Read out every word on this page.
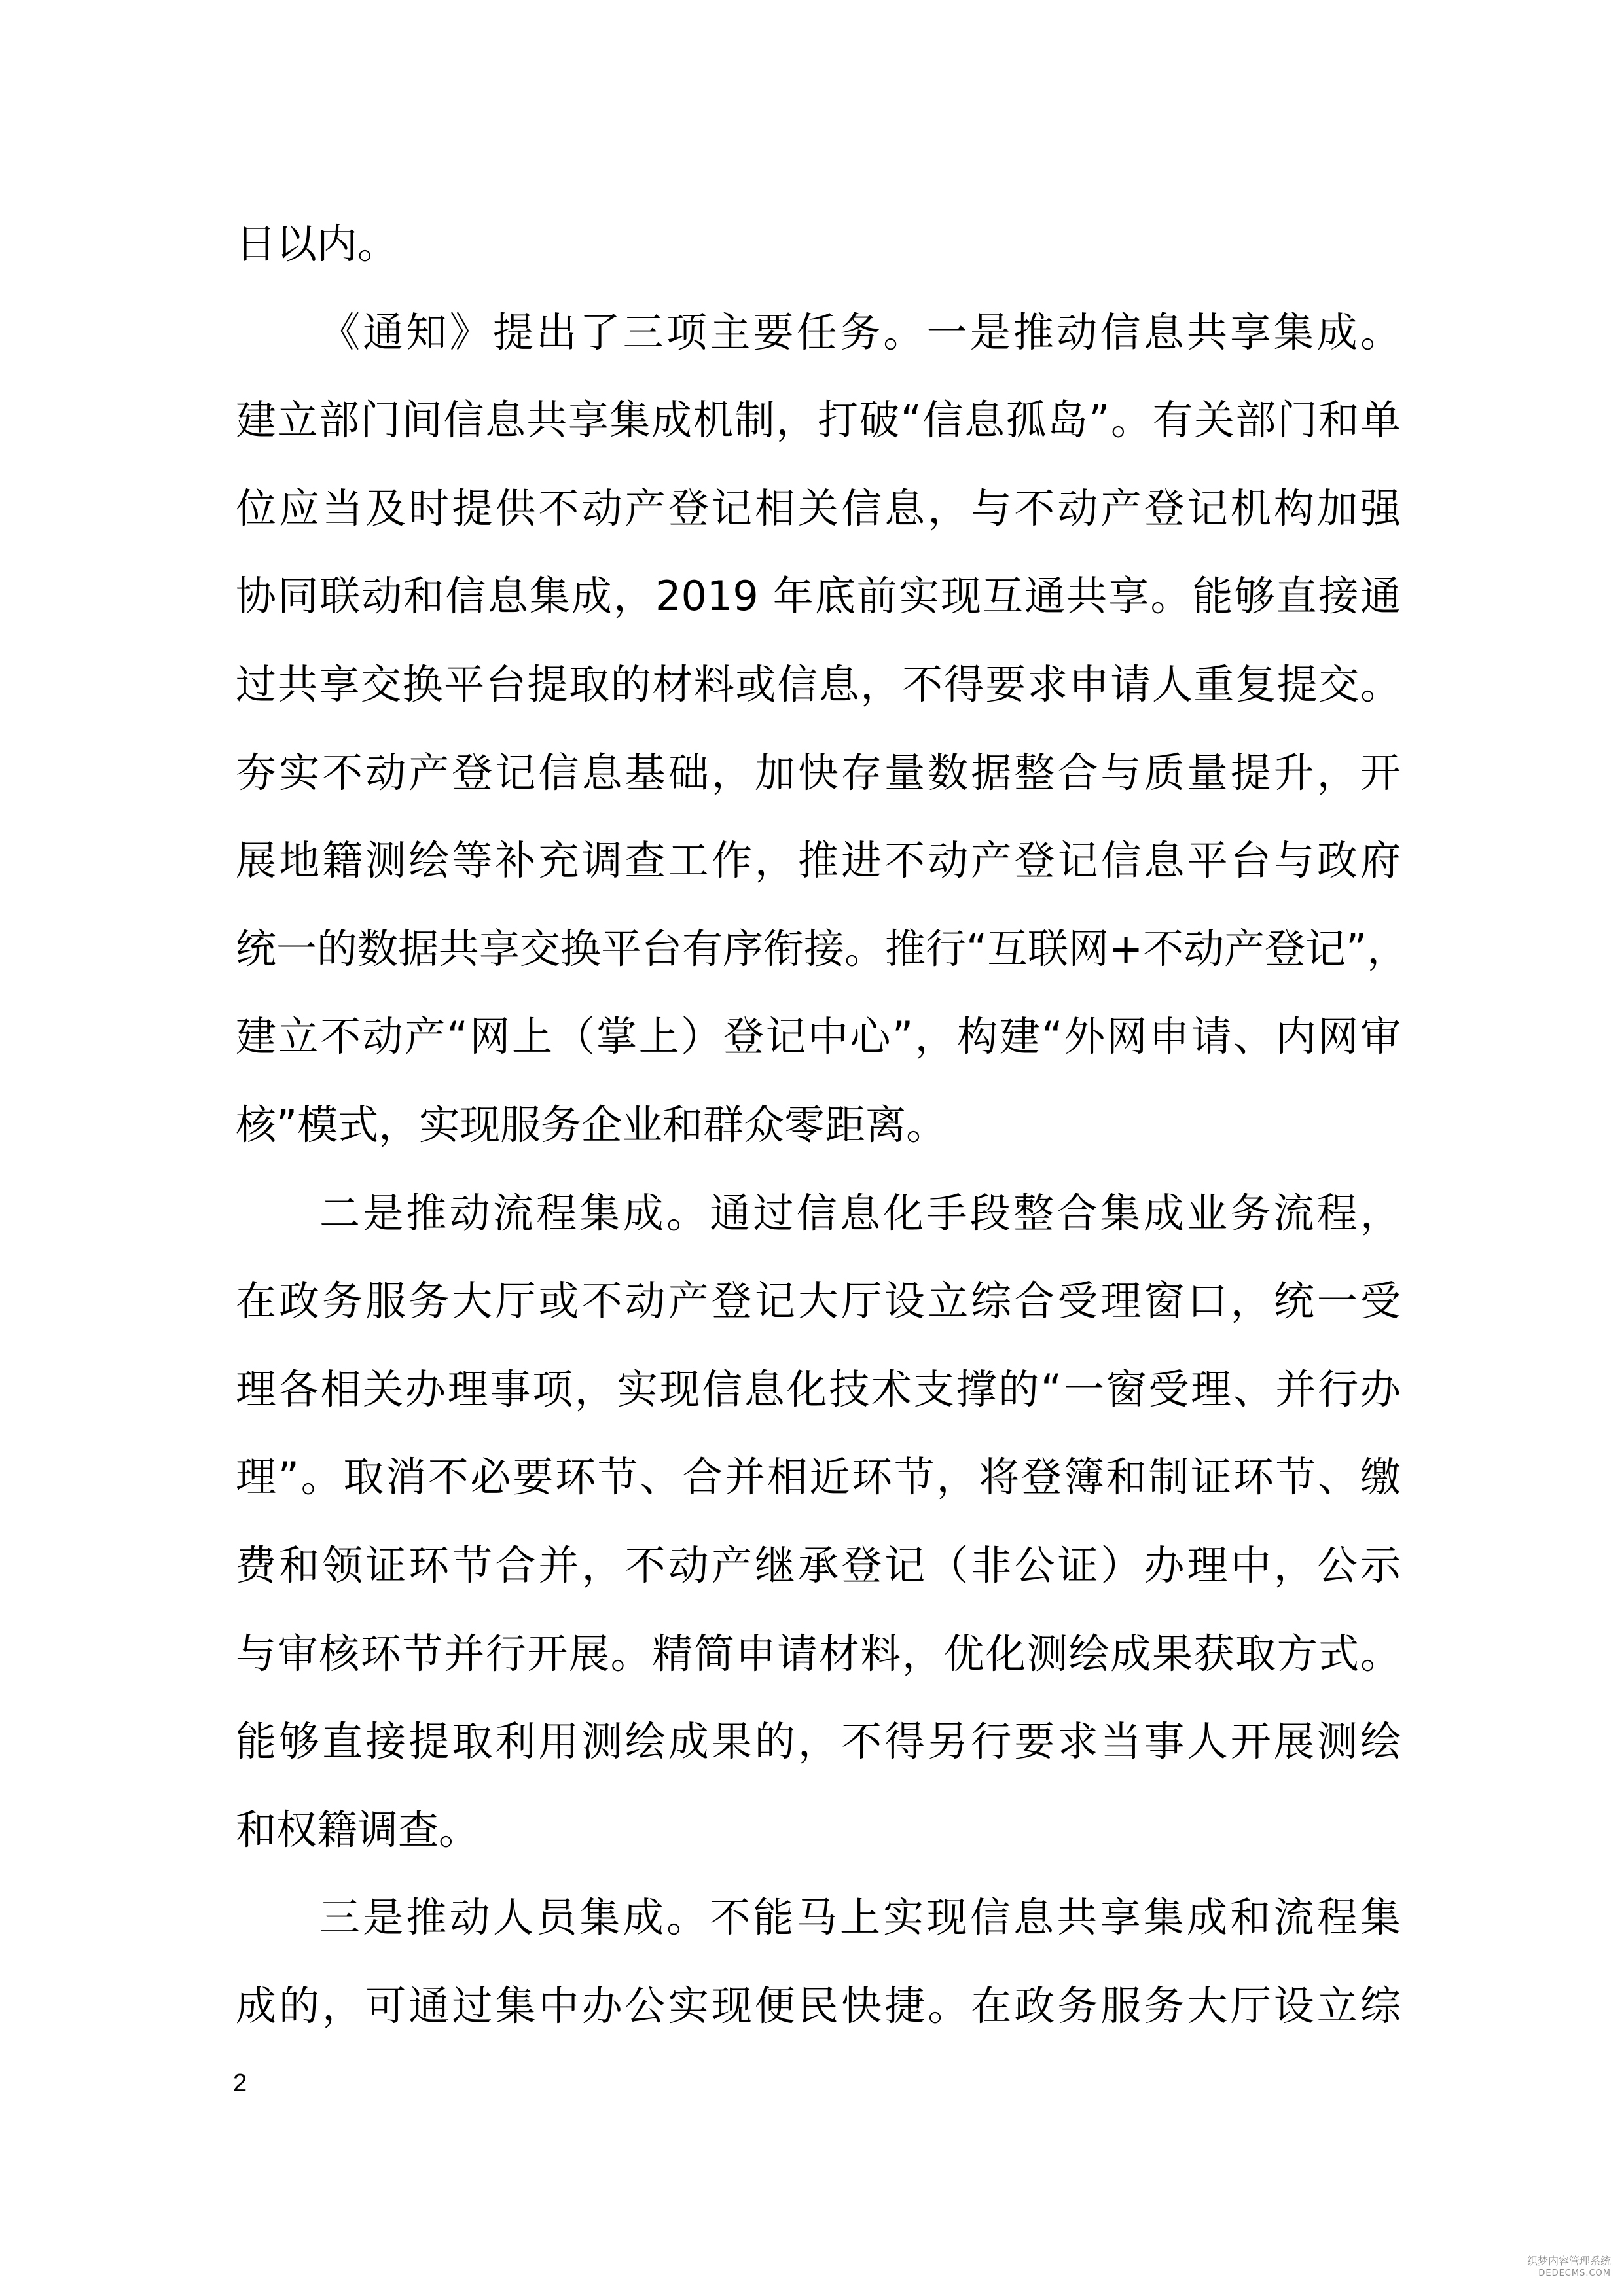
日以内。
《通知》提出了三项主要任务。一是推动信息共享集成。
建立部门间信息共享集成机制，打破“信息孤岛”。有关部门和单
位应当及时提供不动产登记相关信息，与不动产登记机构加强
协同联动和信息集成，2019 年底前实现互通共享。能够直接通
过共享交换平台提取的材料或信息，不得要求申请人重复提交。
夯实不动产登记信息基础，加快存量数据整合与质量提升，开
展地籍测绘等补充调查工作，推进不动产登记信息平台与政府
统一的数据共享交换平台有序衔接。推行“互联网+不动产登记”，
建立不动产“网上（掌上）登记中心”，构建“外网申请、内网审
核”模式，实现服务企业和群众零距离。
二是推动流程集成。通过信息化手段整合集成业务流程，
在政务服务大厅或不动产登记大厅设立综合受理窗口，统一受
理各相关办理事项，实现信息化技术支撑的“一窗受理、并行办
理”。取消不必要环节、合并相近环节，将登簿和制证环节、缴
费和领证环节合并，不动产继承登记（非公证）办理中，公示
与审核环节并行开展。精简申请材料，优化测绘成果获取方式。
能够直接提取利用测绘成果的，不得另行要求当事人开展测绘
和权籍调查。
三是推动人员集成。不能马上实现信息共享集成和流程集
成的，可通过集中办公实现便民快捷。在政务服务大厅设立综
2
织梦内容管理系统
DEDECMS.COM
